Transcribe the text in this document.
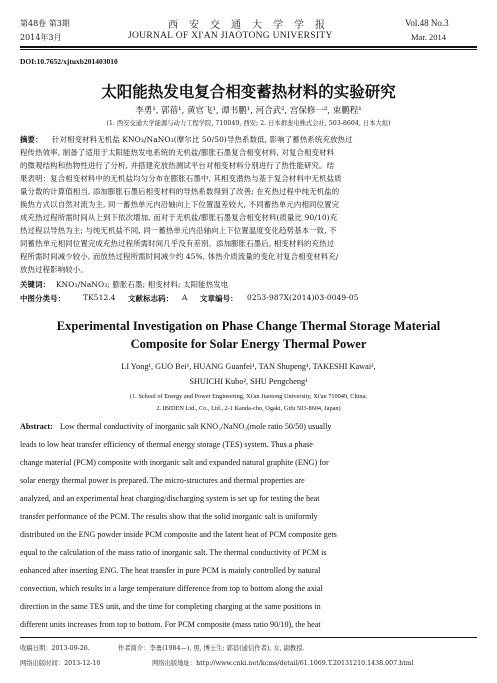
第48卷 第3期
2014年3月
西安交通大学学报
JOURNAL OF XI'AN JIAOTONG UNIVERSITY
Vol.48 No.3
Mar. 2014
DOI:10.7652/xjtuxb201403010
太阳能热发电复合相变蓄热材料的实验研究
李勇¹, 郭蓓¹, 黄官飞¹, 谭书鹏¹, 河合武², 宫保修一², 束鹏程¹
(1. 西安交通大学能源与动力工程学院, 710049, 西安; 2. 日本揖斐电株式会社, 503-8604, 日本大垣)
摘要： 针对相变材料无机盐 KNO₃/NaNO₃(摩尔比 50/50)导热系数低, 影响了蓄热系统充放热过
程传热效率, 制备了适用于太阳能热发电系统的无机盐/膨胀石墨复合相变材料, 对复合相变材料
的微观结构和热物性进行了分析, 并搭建充放热测试平台对相变材料分别进行了热性能研究。结
果表明：复合相变材料中的无机盐均匀分布在膨胀石墨中, 其相变潜热与基于复合材料中无机盐质
量分数的计算值相当, 添加膨胀石墨后相变材料的导热系数得到了改善; 在充热过程中纯无机盐的
换热方式以自然对流为主, 同一蓄热单元内沿轴向上下位置温差较大, 不同蓄热单元内相同位置完
成充热过程所需时间从上到下依次增加, 而对于无机盐/膨胀石墨复合相变材料(质量比 90/10)充
热过程以导热为主; 与纯无机盐不同, 同一蓄热单元内沿轴向上下位置温度变化趋势基本一致, 不
同蓄热单元相同位置完成充热过程所需时间几乎没有差别。添加膨胀石墨后, 相变材料的充热过
程所需时间减少较小, 而放热过程所需时间减少约 45%, 体热介质流量的变化对复合相变材料充/
放热过程影响较小。
关键词： KNO₃/NaNO₃; 膨胀石墨; 相变材料; 太阳能热发电
中图分类号： TK512.4 文献标志码： A 文章编号： 0253-987X(2014)03-0049-05
Experimental Investigation on Phase Change Thermal Storage Material
Composite for Solar Energy Thermal Power
LI Yong¹, GUO Bei¹, HUANG Guanfei¹, TAN Shupeng¹, TAKESHI Kawai²,
SHUICHI Kubo², SHU Pengcheng¹
(1. School of Energy and Power Engineering, Xi'an Jiaotong University, Xi'an 710049, China;
2. IBIDEN Ltd., Co., Ltd., 2-1 Kanda-cho, Ogaki, Gifu 503-8604, Japan)
Abstract: Low thermal conductivity of inorganic salt KNO₃/NaNO₃(mole ratio 50/50) usually
leads to low heat transfer efficiency of thermal energy storage (TES) system. Thus a phase
change material (PCM) composite with inorganic salt and expanded natural graphite (ENG) for
solar energy thermal power is prepared. The micro-structures and thermal properties are
analyzed, and an experimental heat charging/discharging system is set up for testing the heat
transfer performance of the PCM. The results show that the solid inorganic salt is uniformly
distributed on the ENG powder inside PCM composite and the latent heat of PCM composite gets
equal to the calculation of the mass ratio of inorganic salt. The thermal conductivity of PCM is
enhanced after inserting ENG. The heat transfer in pure PCM is mainly controlled by natural
convection, which results in a large temperature difference from top to bottom along the axial
direction in the same TES unit, and the time for completing charging at the same positions in
different units increases from top to bottom. For PCM composite (mass ratio 90/10), the heat
收稿日期：2013-09-26.	作者简介：李勇(1984—), 男, 博士生; 郭蓓(通信作者), 女, 副教授.
网络出版时间：2013-12-10	网络出版地址：http://www.cnki.net/kcms/detail/61.1069.T.20131210.1438.007.html
